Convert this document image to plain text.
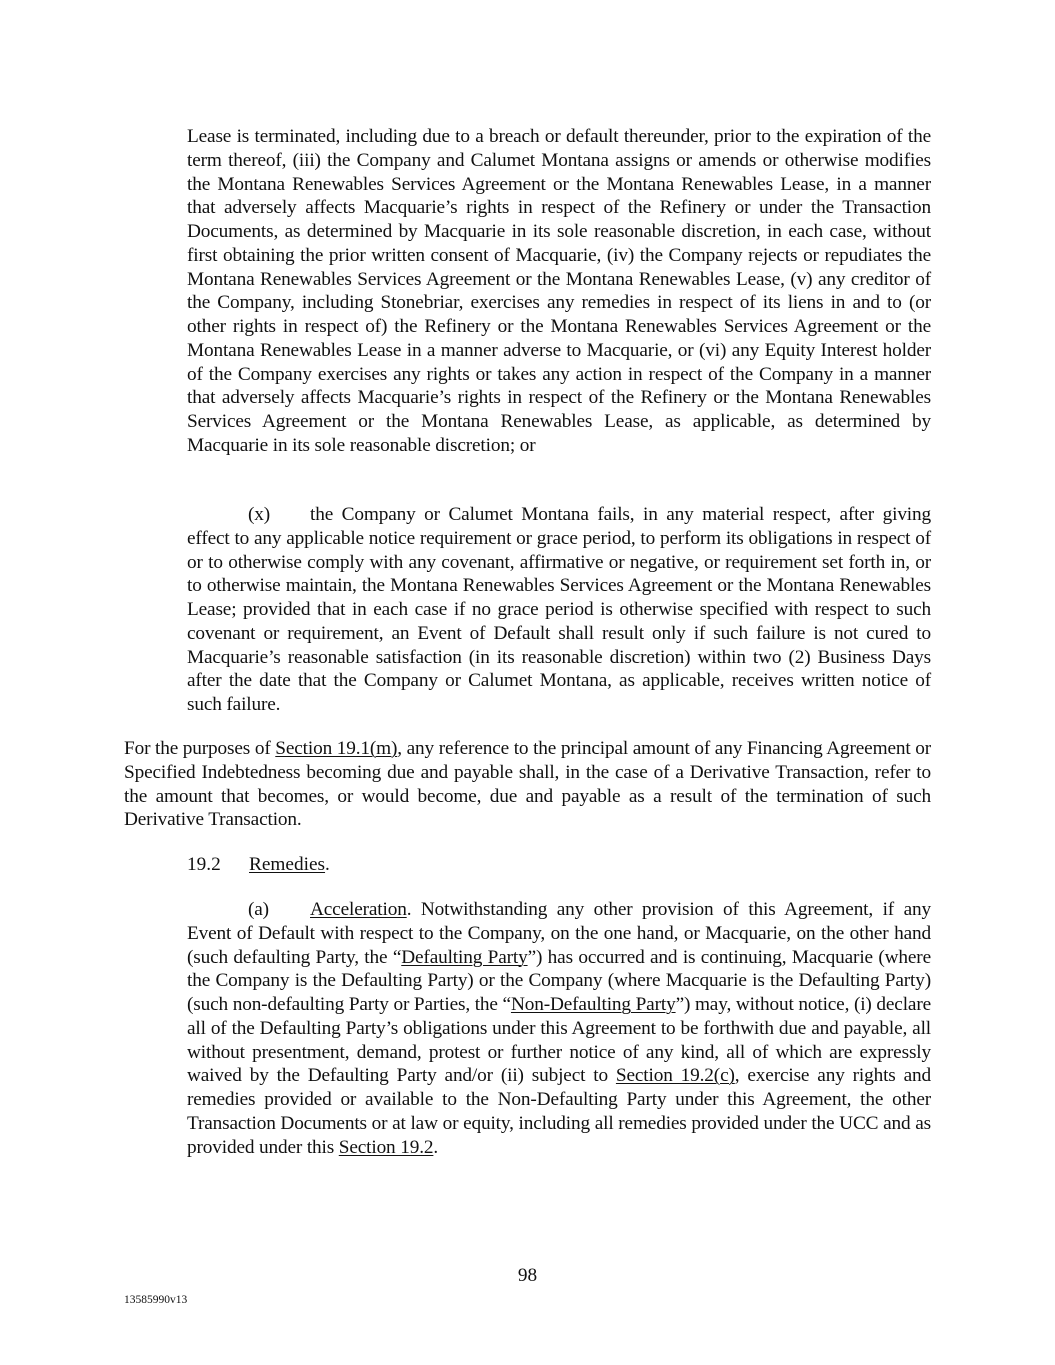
Lease is terminated, including due to a breach or default thereunder, prior to the expiration of the term thereof, (iii) the Company and Calumet Montana assigns or amends or otherwise modifies the Montana Renewables Services Agreement or the Montana Renewables Lease, in a manner that adversely affects Macquarie’s rights in respect of the Refinery or under the Transaction Documents, as determined by Macquarie in its sole reasonable discretion, in each case, without first obtaining the prior written consent of Macquarie, (iv) the Company rejects or repudiates the Montana Renewables Services Agreement or the Montana Renewables Lease, (v) any creditor of the Company, including Stonebriar, exercises any remedies in respect of its liens in and to (or other rights in respect of) the Refinery or the Montana Renewables Services Agreement or the Montana Renewables Lease in a manner adverse to Macquarie, or (vi) any Equity Interest holder of the Company exercises any rights or takes any action in respect of the Company in a manner that adversely affects Macquarie’s rights in respect of the Refinery or the Montana Renewables Services Agreement or the Montana Renewables Lease, as applicable, as determined by Macquarie in its sole reasonable discretion; or
(x) the Company or Calumet Montana fails, in any material respect, after giving effect to any applicable notice requirement or grace period, to perform its obligations in respect of or to otherwise comply with any covenant, affirmative or negative, or requirement set forth in, or to otherwise maintain, the Montana Renewables Services Agreement or the Montana Renewables Lease; provided that in each case if no grace period is otherwise specified with respect to such covenant or requirement, an Event of Default shall result only if such failure is not cured to Macquarie’s reasonable satisfaction (in its reasonable discretion) within two (2) Business Days after the date that the Company or Calumet Montana, as applicable, receives written notice of such failure.
For the purposes of Section 19.1(m), any reference to the principal amount of any Financing Agreement or Specified Indebtedness becoming due and payable shall, in the case of a Derivative Transaction, refer to the amount that becomes, or would become, due and payable as a result of the termination of such Derivative Transaction.
19.2 Remedies.
(a) Acceleration. Notwithstanding any other provision of this Agreement, if any Event of Default with respect to the Company, on the one hand, or Macquarie, on the other hand (such defaulting Party, the “Defaulting Party”) has occurred and is continuing, Macquarie (where the Company is the Defaulting Party) or the Company (where Macquarie is the Defaulting Party) (such non-defaulting Party or Parties, the “Non-Defaulting Party”) may, without notice, (i) declare all of the Defaulting Party’s obligations under this Agreement to be forthwith due and payable, all without presentment, demand, protest or further notice of any kind, all of which are expressly waived by the Defaulting Party and/or (ii) subject to Section 19.2(c), exercise any rights and remedies provided or available to the Non-Defaulting Party under this Agreement, the other Transaction Documents or at law or equity, including all remedies provided under the UCC and as provided under this Section 19.2.
98
13585990v13
